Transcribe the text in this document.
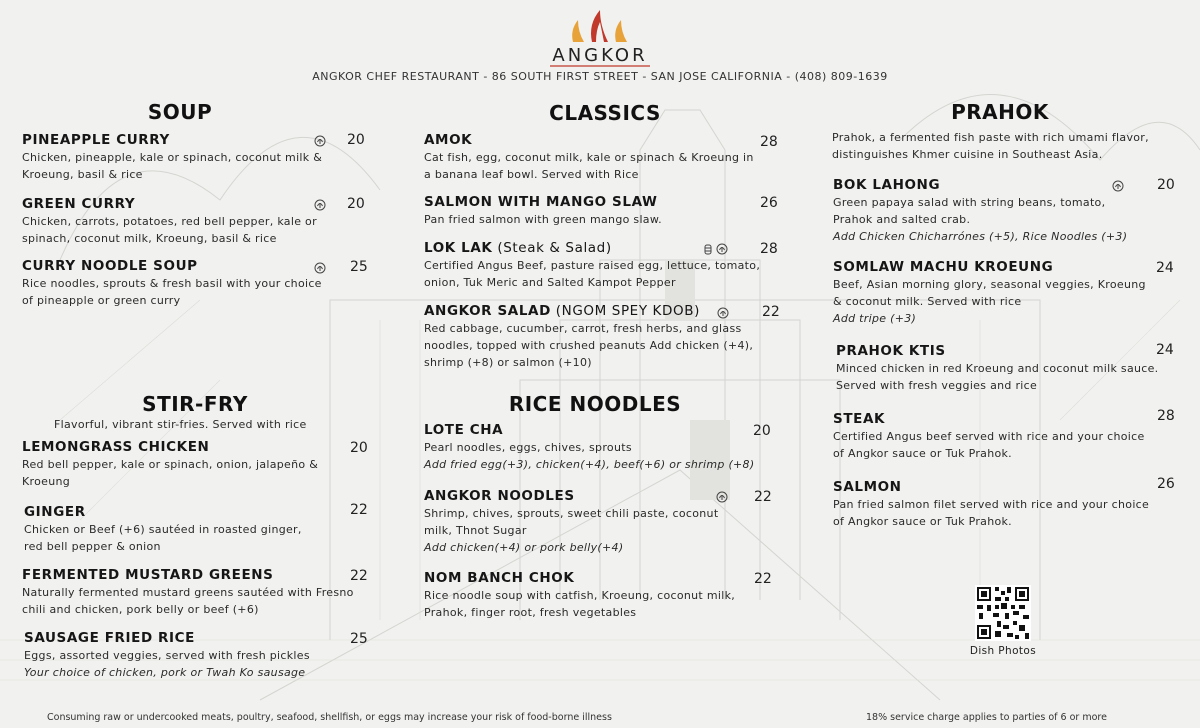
ANGKOR
ANGKOR CHEF RESTAURANT - 86 SOUTH FIRST STREET - SAN JOSE CALIFORNIA - (408) 809-1639
SOUP
PINEAPPLE CURRY
Chicken, pineapple, kale or spinach, coconut milk & Kroeung, basil & rice
20
GREEN CURRY
Chicken, carrots, potatoes, red bell pepper, kale or spinach, coconut milk, Kroeung, basil & rice
20
CURRY NOODLE SOUP
Rice noodles, sprouts & fresh basil with your choice of pineapple or green curry
25
STIR-FRY
Flavorful, vibrant stir-fries. Served with rice
LEMONGRASS CHICKEN
Red bell pepper, kale or spinach, onion, jalapeño & Kroeung
20
GINGER
Chicken or Beef (+6) sautéed in roasted ginger, red bell pepper & onion
22
FERMENTED MUSTARD GREENS
Naturally fermented mustard greens sautéed with Fresno chili and chicken, pork belly or beef (+6)
22
SAUSAGE FRIED RICE
Eggs, assorted veggies, served with fresh pickles
Your choice of chicken, pork or Twah Ko sausage
25
CLASSICS
AMOK
Cat fish, egg, coconut milk, kale or spinach & Kroeung in a banana leaf bowl. Served with Rice
28
SALMON WITH MANGO SLAW
Pan fried salmon with green mango slaw.
26
LOK LAK (Steak & Salad)
Certified Angus Beef, pasture raised egg, lettuce, tomato, onion, Tuk Meric and Salted Kampot Pepper
28
ANGKOR SALAD (NGOM SPEY KDOB)
Red cabbage, cucumber, carrot, fresh herbs, and glass noodles, topped with crushed peanuts Add chicken (+4), shrimp (+8) or salmon (+10)
22
RICE NOODLES
LOTE CHA
Pearl noodles, eggs, chives, sprouts
Add fried egg(+3), chicken(+4), beef(+6) or shrimp (+8)
20
ANGKOR NOODLES
Shrimp, chives, sprouts, sweet chili paste, coconut milk, Thnot Sugar
Add chicken(+4) or pork belly(+4)
22
NOM BANCH CHOK
Rice noodle soup with catfish, Kroeung, coconut milk, Prahok, finger root, fresh vegetables
22
PRAHOK
Prahok, a fermented fish paste with rich umami flavor, distinguishes Khmer cuisine in Southeast Asia.
BOK LAHONG
Green papaya salad with string beans, tomato, Prahok and salted crab.
Add Chicken Chicharrónes (+5), Rice Noodles (+3)
20
SOMLAW MACHU KROEUNG
Beef, Asian morning glory, seasonal veggies, Kroeung & coconut milk. Served with rice
Add tripe (+3)
24
PRAHOK KTIS
Minced chicken in red Kroeung and coconut milk sauce. Served with fresh veggies and rice
24
STEAK
Certified Angus beef served with rice and your choice of Angkor sauce or Tuk Prahok.
28
SALMON
Pan fried salmon filet served with rice and your choice of Angkor sauce or Tuk Prahok.
26
Dish Photos
Consuming raw or undercooked meats, poultry, seafood, shellfish, or eggs may increase your risk of food-borne illness	18% service charge applies to parties of 6 or more
